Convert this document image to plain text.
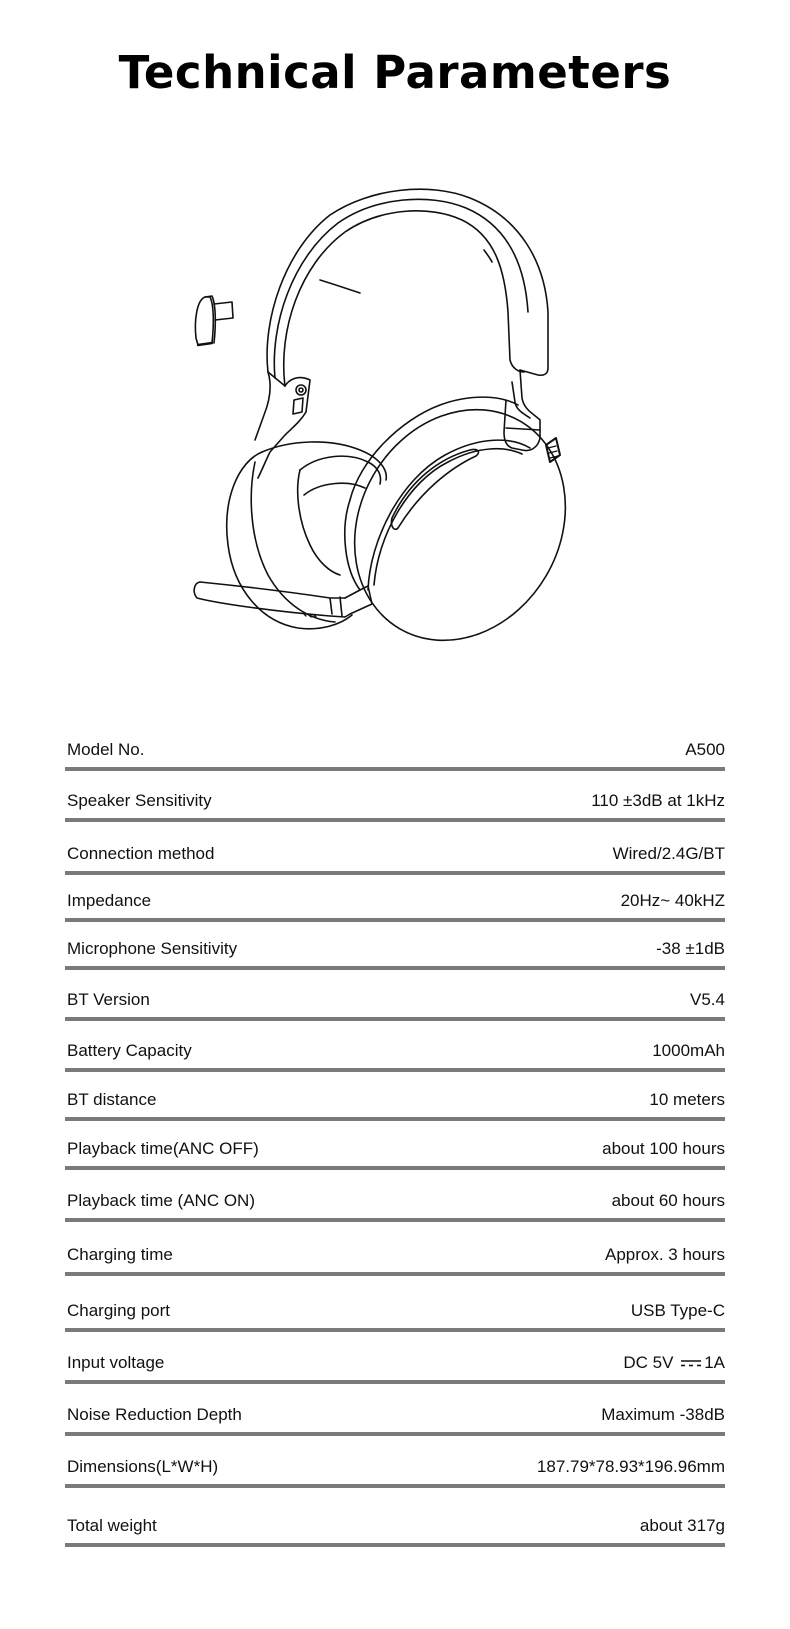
Technical Parameters
Model No.	A500
Speaker Sensitivity	110 ±3dB at 1kHz
Connection method	Wired/2.4G/BT
Impedance	20Hz~ 40kHZ
Microphone Sensitivity	-38 ±1dB
BT Version	V5.4
Battery Capacity	1000mAh
BT distance	10 meters
Playback time(ANC OFF)	about 100 hours
Playback time (ANC ON)	about 60 hours
Charging time	Approx. 3 hours
Charging port	USB Type-C
Input voltage	DC 5V 1A
Noise Reduction Depth	Maximum -38dB
Dimensions(L*W*H)	187.79*78.93*196.96mm
Total weight	about 317g
